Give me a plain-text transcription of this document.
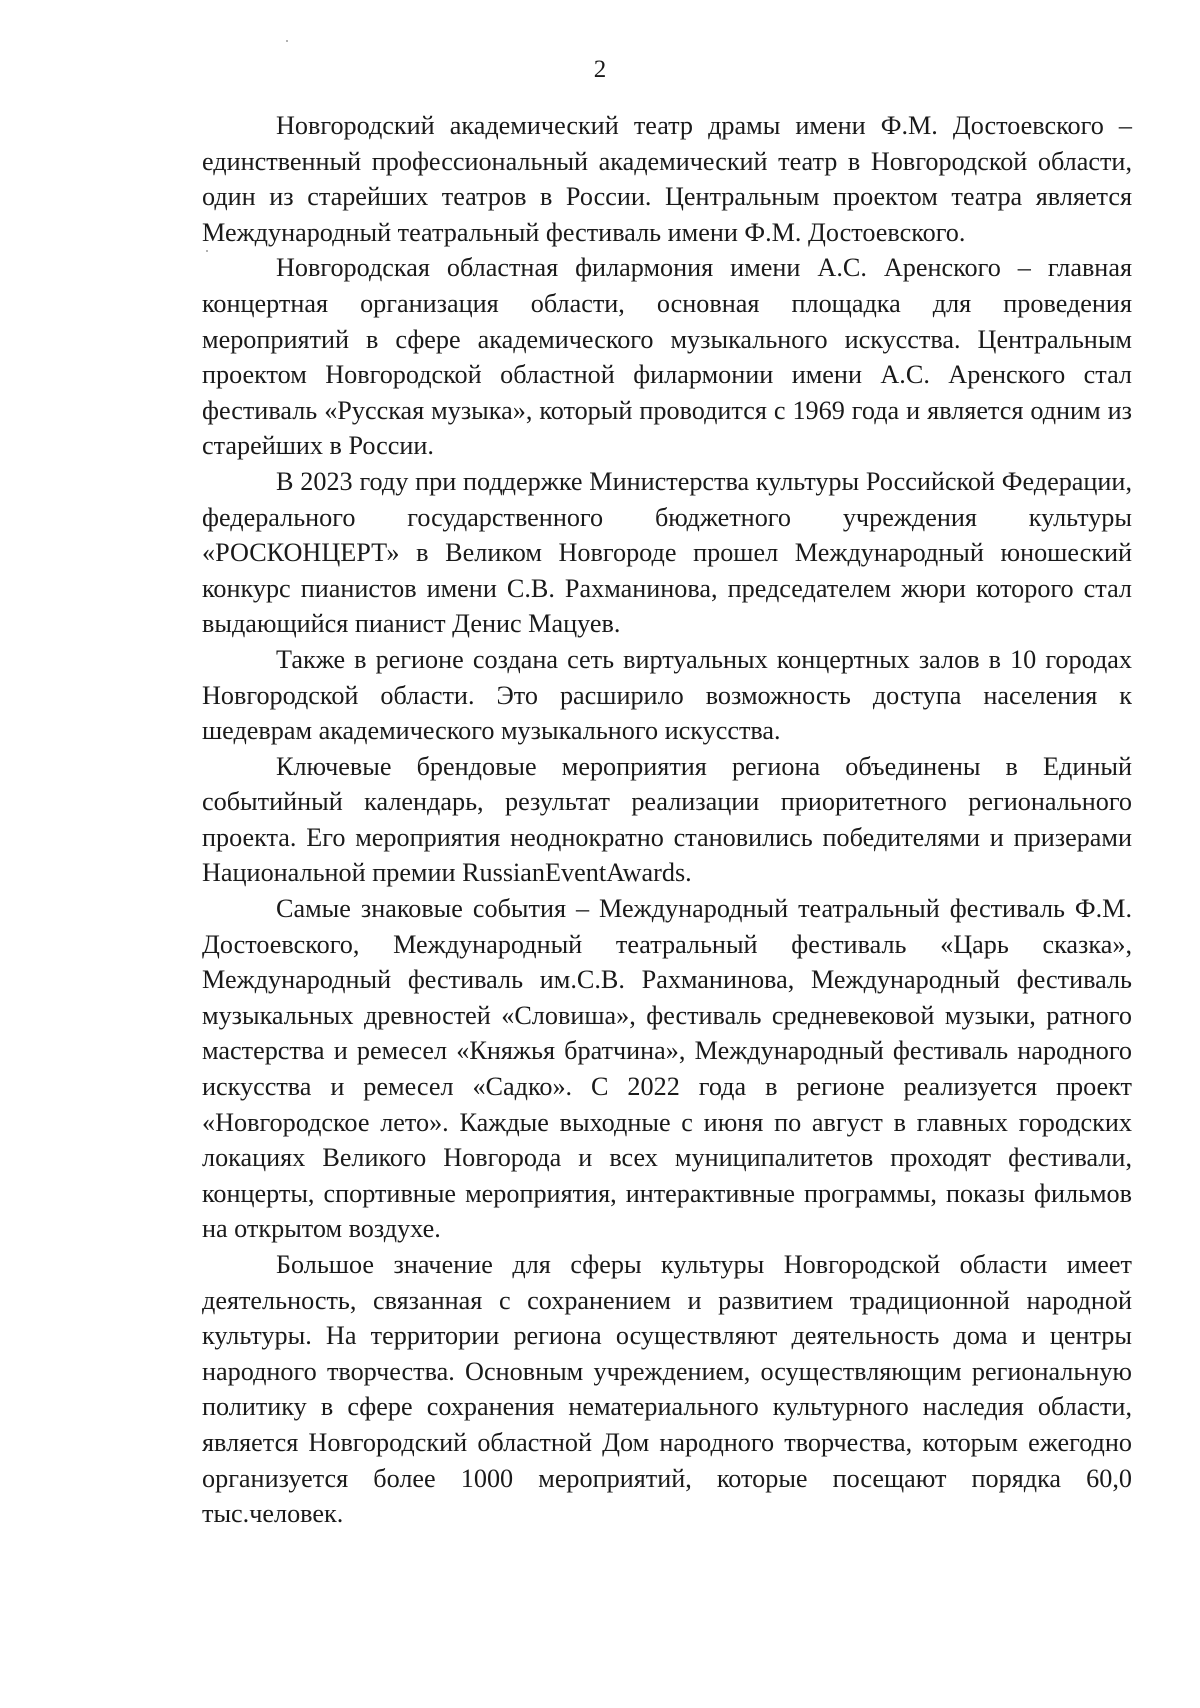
2

Новгородский академический театр драмы имени Ф.М. Достоевского – единственный профессиональный академический театр в Новгородской области, один из старейших театров в России. Центральным проектом театра является Международный театральный фестиваль имени Ф.М. Достоевского.

Новгородская областная филармония имени А.С. Аренского – главная концертная организация области, основная площадка для проведения мероприятий в сфере академического музыкального искусства. Центральным проектом Новгородской областной филармонии имени А.С. Аренского стал фестиваль «Русская музыка», который проводится с 1969 года и является одним из старейших в России.

В 2023 году при поддержке Министерства культуры Российской Федерации, федерального государственного бюджетного учреждения культуры «РОСКОНЦЕРТ» в Великом Новгороде прошел Международный юношеский конкурс пианистов имени С.В. Рахманинова, председателем жюри которого стал выдающийся пианист Денис Мацуев.

Также в регионе создана сеть виртуальных концертных залов в 10 городах Новгородской области. Это расширило возможность доступа населения к шедеврам академического музыкального искусства.

Ключевые брендовые мероприятия региона объединены в Единый событийный календарь, результат реализации приоритетного регионального проекта. Его мероприятия неоднократно становились победителями и призерами Национальной премии RussianEventAwards.

Самые знаковые события – Международный театральный фестиваль Ф.М. Достоевского, Международный театральный фестиваль «Царь сказка», Международный фестиваль им.С.В. Рахманинова, Международный фестиваль музыкальных древностей «Словиша», фестиваль средневековой музыки, ратного мастерства и ремесел «Княжья братчина», Международный фестиваль народного искусства и ремесел «Садко». С 2022 года в регионе реализуется проект «Новгородское лето». Каждые выходные с июня по август в главных городских локациях Великого Новгорода и всех муниципалитетов проходят фестивали, концерты, спортивные мероприятия, интерактивные программы, показы фильмов на открытом воздухе.

Большое значение для сферы культуры Новгородской области имеет деятельность, связанная с сохранением и развитием традиционной народной культуры. На территории региона осуществляют деятельность дома и центры народного творчества. Основным учреждением, осуществляющим региональную политику в сфере сохранения нематериального культурного наследия области, является Новгородский областной Дом народного творчества, которым ежегодно организуется более 1000 мероприятий, которые посещают порядка 60,0 тыс.человек.
